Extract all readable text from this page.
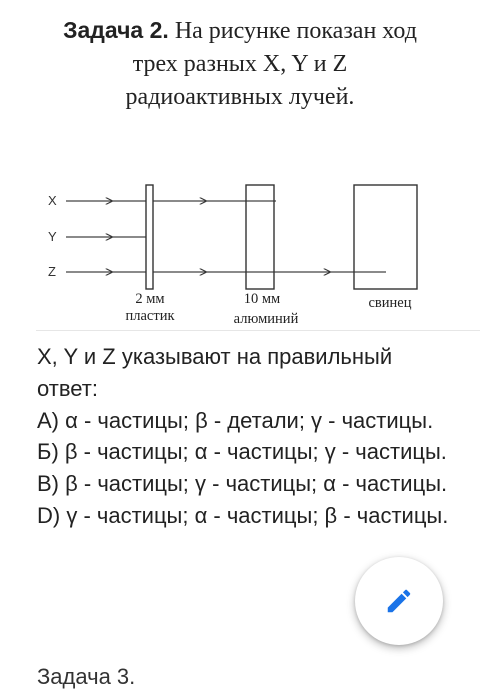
Задача 2. На рисунке показан ход
трех разных X, Y и Z
радиоактивных лучей.
X
Y
Z
2 мм
пластик
10 мм
алюминий
свинец

X, Y и Z указывают на правильный ответ:

A) α - частицы; β - детали; γ - частицы.

Б) β - частицы; α - частицы; γ - частицы.

B) β - частицы; γ - частицы; α - частицы.

D) γ - частицы; α - частицы; β - частицы.

Задача 3.
